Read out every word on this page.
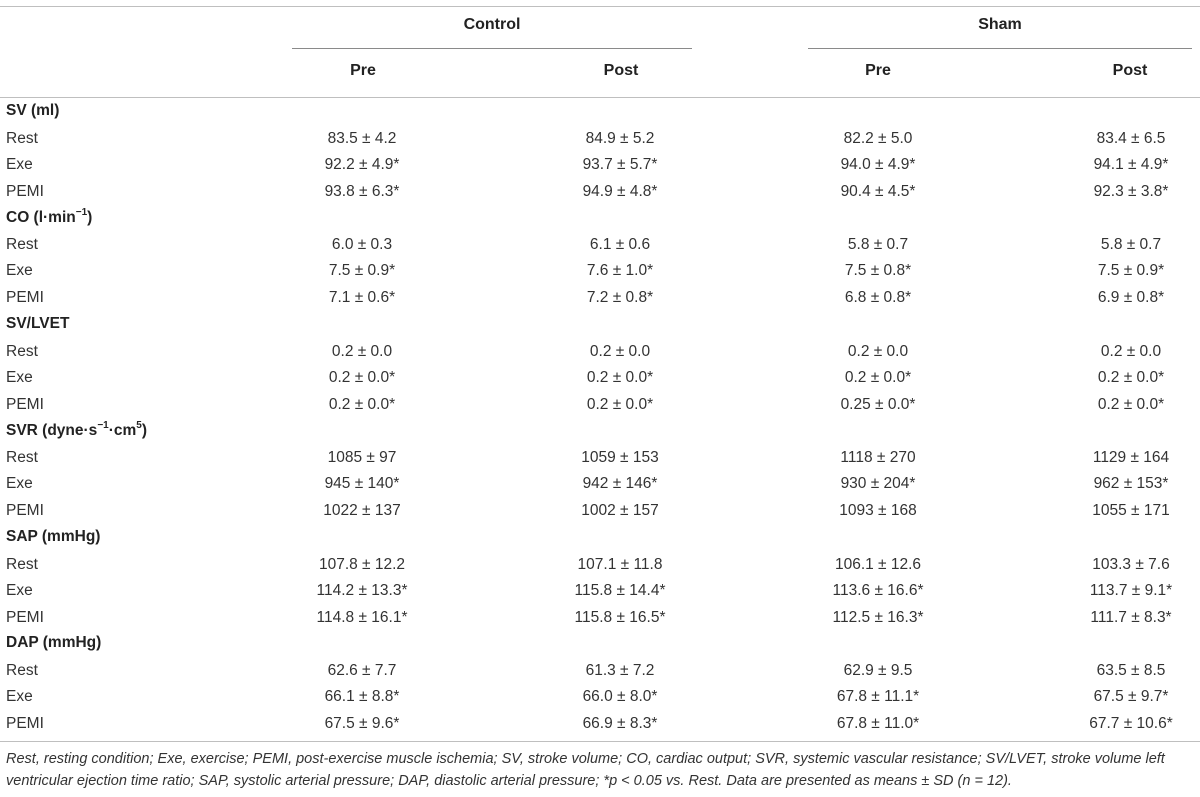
Control	Sham
Pre	Post	Pre	Post
SV (ml)
Rest	83.5 ± 4.2	84.9 ± 5.2	82.2 ± 5.0	83.4 ± 6.5
Exe	92.2 ± 4.9*	93.7 ± 5.7*	94.0 ± 4.9*	94.1 ± 4.9*
PEMI	93.8 ± 6.3*	94.9 ± 4.8*	90.4 ± 4.5*	92.3 ± 3.8*
CO $(l\cdot\min^{-1})$
Rest	6.0 ± 0.3	6.1 ± 0.6	5.8 ± 0.7	5.8 ± 0.7
Exe	7.5 ± 0.9*	7.6 ± 1.0*	7.5 ± 0.8*	7.5 ± 0.9*
PEMI	7.1 ± 0.6*	7.2 ± 0.8*	6.8 ± 0.8*	6.9 ± 0.8*
SV/LVET
Rest	0.2 ± 0.0	0.2 ± 0.0	0.2 ± 0.0	0.2 ± 0.0
Exe	0.2 ± 0.0*	0.2 ± 0.0*	0.2 ± 0.0*	0.2 ± 0.0*
PEMI	0.2 ± 0.0*	0.2 ± 0.0*	0.25 ± 0.0*	0.2 ± 0.0*
SVR $(dyne\cdot s^{-1}\cdot cm^5)$
Rest	1085 ± 97	1059 ± 153	1118 ± 270	1129 ± 164
Exe	945 ± 140*	942 ± 146*	930 ± 204*	962 ± 153*
PEMI	1022 ± 137	1002 ± 157	1093 ± 168	1055 ± 171
SAP (mmHg)
Rest	107.8 ± 12.2	107.1 ± 11.8	106.1 ± 12.6	103.3 ± 7.6
Exe	114.2 ± 13.3*	115.8 ± 14.4*	113.6 ± 16.6*	113.7 ± 9.1*
PEMI	114.8 ± 16.1*	115.8 ± 16.5*	112.5 ± 16.3*	111.7 ± 8.3*
DAP (mmHg)
Rest	62.6 ± 7.7	61.3 ± 7.2	62.9 ± 9.5	63.5 ± 8.5
Exe	66.1 ± 8.8*	66.0 ± 8.0*	67.8 ± 11.1*	67.5 ± 9.7*
PEMI	67.5 ± 9.6*	66.9 ± 8.3*	67.8 ± 11.0*	67.7 ± 10.6*
Rest, resting condition; Exe, exercise; PEMI, post-exercise muscle ischemia; SV, stroke volume; CO, cardiac output; SVR, systemic vascular resistance; SV/LVET, stroke volume left ventricular ejection time ratio; SAP, systolic arterial pressure; DAP, diastolic arterial pressure; *p < 0.05 vs. Rest. Data are presented as means ± SD (n = 12).
